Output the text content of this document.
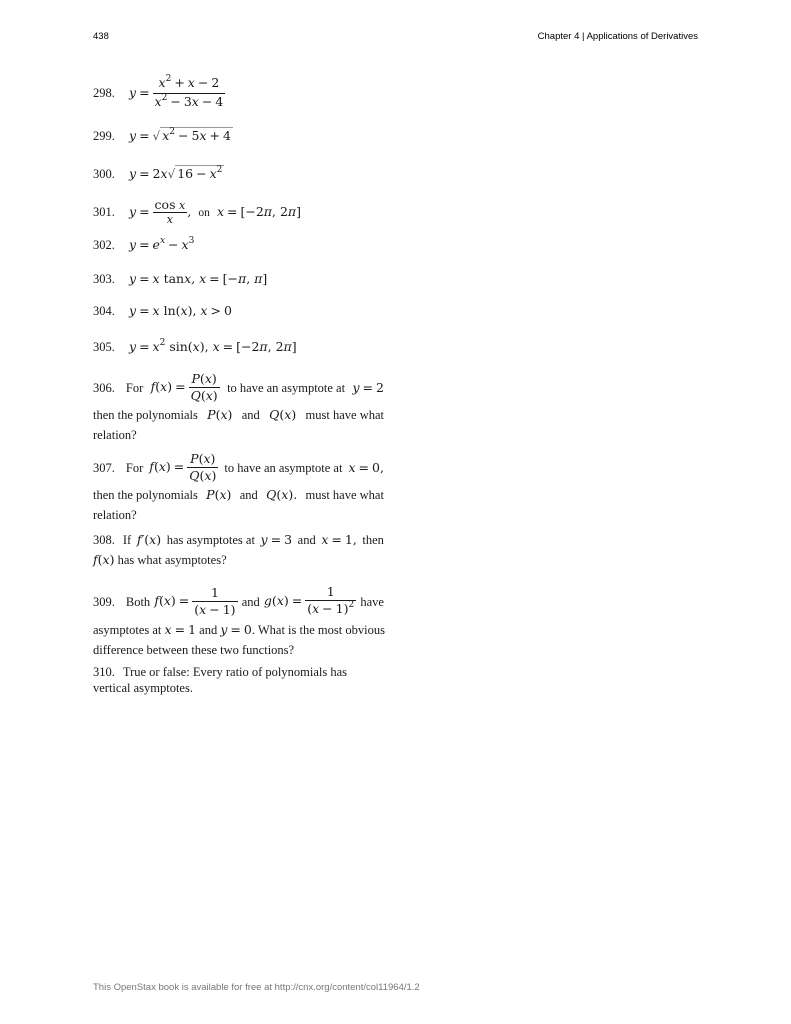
438	Chapter 4 | Applications of Derivatives
298. $y = \frac{x^2 + x - 2}{x^2 - 3x - 4}$
299. y = √ $x^2 - 5x + 4$
300. y = 2x√ $16 - x^2$
301. $y = \frac{\text{cos x}}{x}$ , on x = [−2π, 2π]
302. $y = e^x - x^3$
303. y = x tanx, x = [−π, π]
304. y = x ln(x), x > 0
305. $y = x^2$ sin(x), x = [−2π, 2π]
306. For $f(x) = \frac{P(x)}{Q(x)}$ to have an asymptote at y = 2
then the polynomials P(x) and Q(x) must have what
relation?
307. For $f(x) = \frac{P(x)}{Q(x)}$ to have an asymptote at x = 0,
then the polynomials P(x) and Q(x). must have what
relation?
308. If f′(x) has asymptotes at y = 3 and x = 1, then
f(x) has what asymptotes?
309. Both $f(x) = \frac{1}{(x - 1)}$ and $g(x) = \frac{1}{(x - 1)^2}$ have
asymptotes at x = 1 and y = 0. What is the most obvious
difference between these two functions?
310. True or false: Every ratio of polynomials has vertical asymptotes.
This OpenStax book is available for free at http://cnx.org/content/col11964/1.2
